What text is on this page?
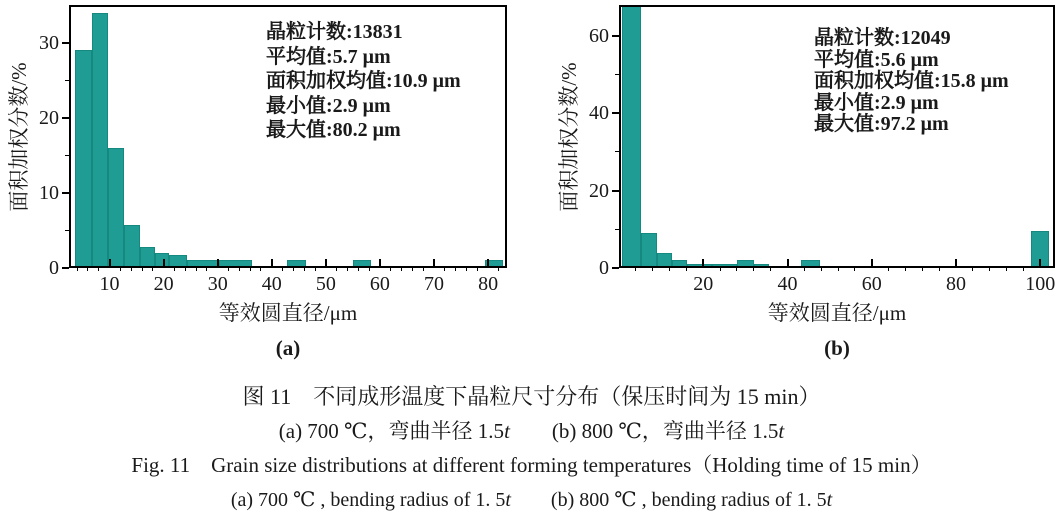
10	20	30	40	50	60	70	80
0
10
20
30
等效圆直径/μm
面积加权分数/%
(a)
晶粒计数:13831
平均值:5.7 μm
面积加权均值:10.9 μm
最小值:2.9 μm
最大值:80.2 μm
20	40	60	80	100
0
20
40
60
等效圆直径/μm
面积加权分数/%
(b)
晶粒计数:12049
平均值:5.6 μm
面积加权均值:15.8 μm
最小值:2.9 μm
最大值:97.2 μm
图 11　不同成形温度下晶粒尺寸分布（保压时间为 15 min）
(a) 700 ℃，弯曲半径 1.5t　　(b) 800 ℃，弯曲半径 1.5t
Fig. 11　Grain size distributions at different forming temperatures（Holding time of 15 min）
(a) 700 ℃ , bending radius of 1. 5t　　(b) 800 ℃ , bending radius of 1. 5t
